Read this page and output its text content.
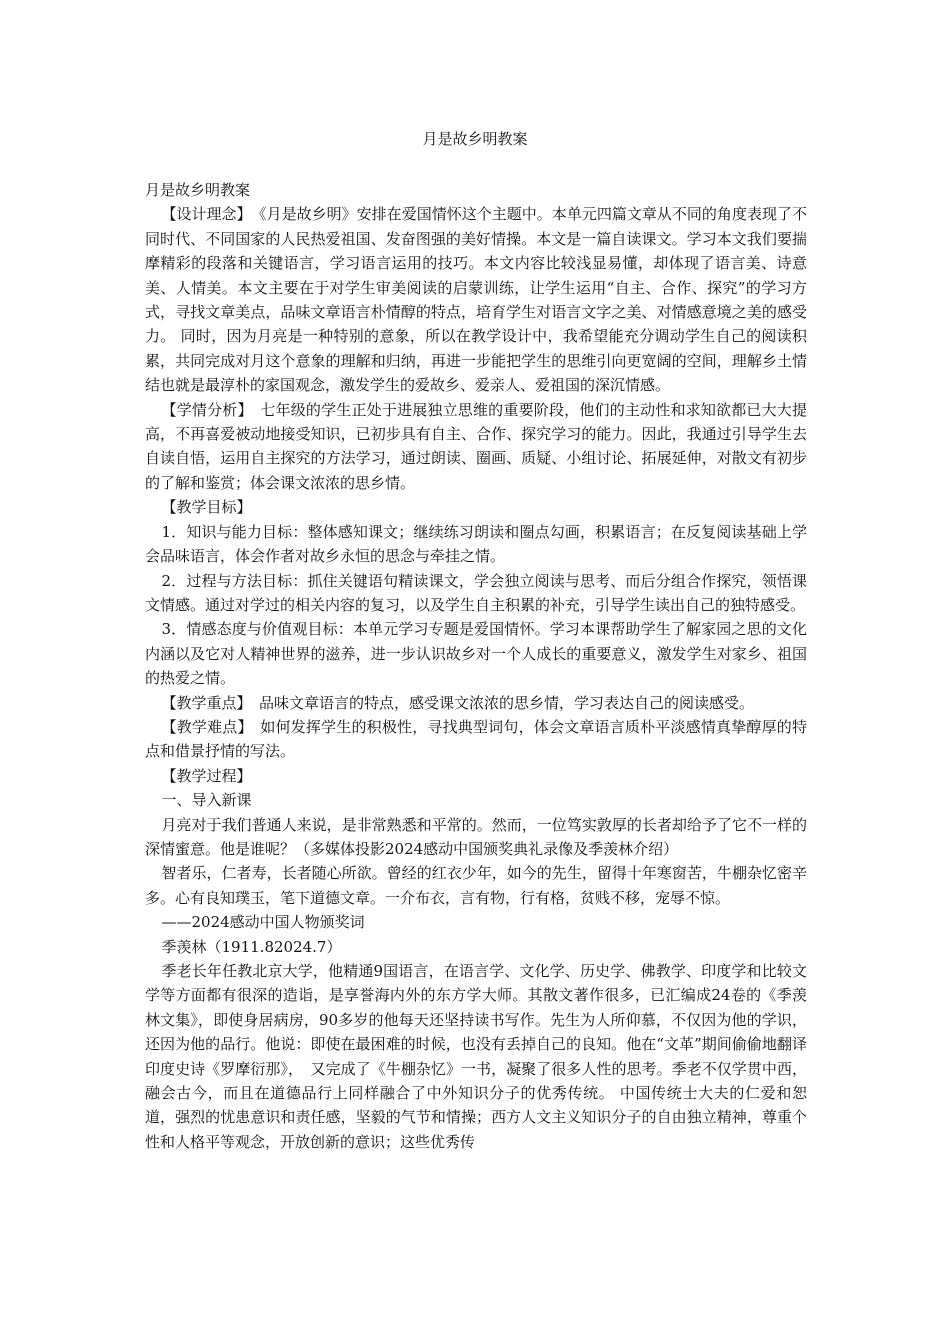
月是故乡明教案

月是故乡明教案

【设计理念】　《月是故乡明》安排在爱国情怀这个主题中。本单元四篇文章从不同的角度表现了不同时代、不同国家的人民热爱祖国、发奋图强的美好情操。本文是一篇自读课文。学习本文我们要揣摩精彩的段落和关键语言，学习语言运用的技巧。本文内容比较浅显易懂，却体现了语言美、诗意美、人情美。本文主要在于对学生审美阅读的启蒙训练，让学生运用“自主、合作、探究”的学习方式，寻找文章美点，品味文章语言朴情醇的特点，培育学生对语言文字之美、对情感意境之美的感受力。 同时，因为月亮是一种特别的意象，所以在教学设计中，我希望能充分调动学生自己的阅读积累，共同完成对月这个意象的理解和归纳，再进一步能把学生的思维引向更宽阔的空间，理解乡土情结也就是最淳朴的家国观念，激发学生的爱故乡、爱亲人、爱祖国的深沉情感。

【学情分析】　七年级的学生正处于进展独立思维的重要阶段，他们的主动性和求知欲都已大大提高，不再喜爱被动地接受知识，已初步具有自主、合作、探究学习的能力。因此，我通过引导学生去自读自悟，运用自主探究的方法学习，通过朗读、圈画、质疑、小组讨论、拓展延伸，对散文有初步的了解和鉴赏；体会课文浓浓的思乡情。

【教学目标】

1．知识与能力目标：整体感知课文；继续练习朗读和圈点勾画，积累语言；在反复阅读基础上学会品味语言，体会作者对故乡永恒的思念与牵挂之情。

2．过程与方法目标：抓住关键语句精读课文，学会独立阅读与思考、而后分组合作探究，领悟课文情感。通过对学过的相关内容的复习，以及学生自主积累的补充，引导学生读出自己的独特感受。

3．情感态度与价值观目标：本单元学习专题是爱国情怀。学习本课帮助学生了解家园之思的文化内涵以及它对人精神世界的滋养，进一步认识故乡对一个人成长的重要意义，激发学生对家乡、祖国的热爱之情。

【教学重点】　品味文章语言的特点，感受课文浓浓的思乡情，学习表达自己的阅读感受。

【教学难点】　如何发挥学生的积极性，寻找典型词句，体会文章语言质朴平淡感情真挚醇厚的特点和借景抒情的写法。

【教学过程】

一、导入新课

月亮对于我们普通人来说，是非常熟悉和平常的。然而，一位笃实敦厚的长者却给予了它不一样的深情蜜意。他是谁呢？（多媒体投影2024感动中国颁奖典礼录像及季羡林介绍）

智者乐，仁者寿，长者随心所欲。曾经的红衣少年，如今的先生，留得十年寒窗苦，牛棚杂忆密辛多。心有良知璞玉，笔下道德文章。一介布衣，言有物，行有格，贫贱不移，宠辱不惊。

——2024感动中国人物颁奖词

季羡林（1911.82024.7）

季老长年任教北京大学，他精通9国语言，在语言学、文化学、历史学、佛教学、印度学和比较文学等方面都有很深的造诣，是享誉海内外的东方学大师。其散文著作很多，已汇编成24卷的《季羡林文集》，即使身居病房，90多岁的他每天还坚持读书写作。先生为人所仰慕，不仅因为他的学识，还因为他的品行。他说：即使在最困难的时候，也没有丢掉自己的良知。他在“文革”期间偷偷地翻译印度史诗《罗摩衍那》，　又完成了《牛棚杂忆》一书，凝聚了很多人性的思考。季老不仅学贯中西，融会古今，而且在道德品行上同样融合了中外知识分子的优秀传统。 中国传统士大夫的仁爱和恕道，强烈的忧患意识和责任感，坚毅的气节和情操；西方人文主义知识分子的自由独立精神，尊重个性和人格平等观念，开放创新的意识；这些优秀传
